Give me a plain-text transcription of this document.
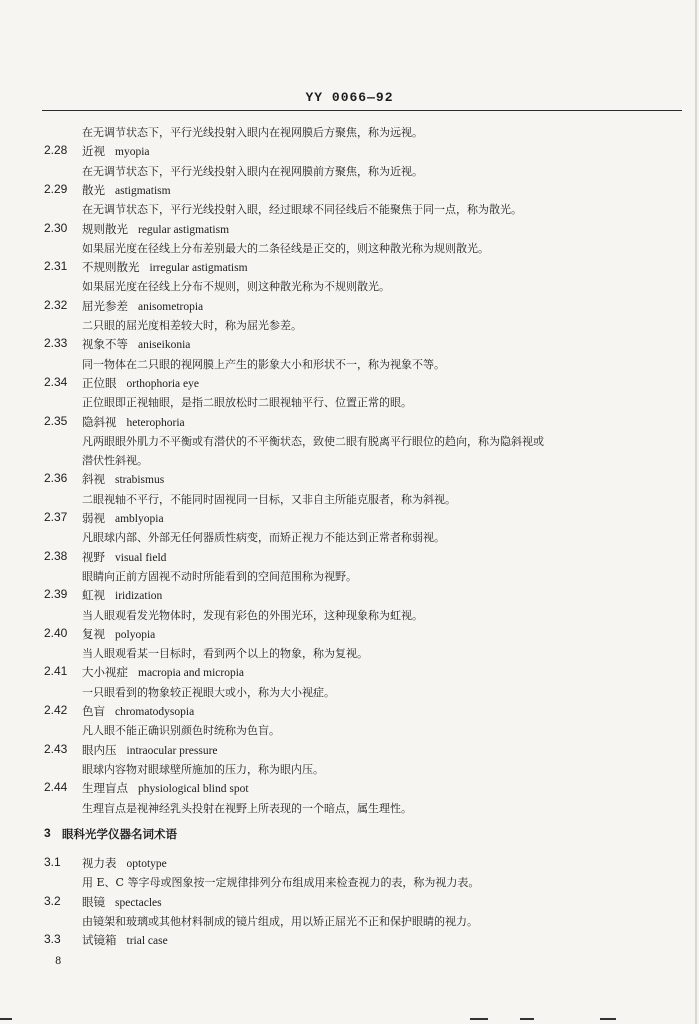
YY 0066—92
8
在无调节状态下，平行光线投射入眼内在视网膜后方聚焦，称为远视。
2.28 近视 myopia
在无调节状态下，平行光线投射入眼内在视网膜前方聚焦，称为近视。
2.29 散光 astigmatism
在无调节状态下，平行光线投射入眼，经过眼球不同径线后不能聚焦于同一点，称为散光。
2.30 规则散光 regular astigmatism
如果屈光度在径线上分布差别最大的二条径线是正交的，则这种散光称为规则散光。
2.31 不规则散光 irregular astigmatism
如果屈光度在径线上分布不规则，则这种散光称为不规则散光。
2.32 屈光参差 anisometropia
二只眼的屈光度相差较大时，称为屈光参差。
2.33 视象不等 aniseikonia
同一物体在二只眼的视网膜上产生的影象大小和形状不一，称为视象不等。
2.34 正位眼 orthophoria eye
正位眼即正视轴眼，是指二眼放松时二眼视轴平行、位置正常的眼。
2.35 隐斜视 heterophoria
凡两眼眼外肌力不平衡或有潜伏的不平衡状态，致使二眼有脱离平行眼位的趋向，称为隐斜视或
潜伏性斜视。
2.36 斜视 strabismus
二眼视轴不平行，不能同时固视同一目标，又非自主所能克服者，称为斜视。
2.37 弱视 amblyopia
凡眼球内部、外部无任何器质性病变，而矫正视力不能达到正常者称弱视。
2.38 视野 visual field
眼睛向正前方固视不动时所能看到的空间范围称为视野。
2.39 虹视 iridization
当人眼观看发光物体时，发现有彩色的外围光环，这种现象称为虹视。
2.40 复视 polyopia
当人眼观看某一目标时，看到两个以上的物象，称为复视。
2.41 大小视症 macropia and micropia
一只眼看到的物象较正视眼大或小，称为大小视症。
2.42 色盲 chromatodysopia
凡人眼不能正确识别颜色时统称为色盲。
2.43 眼内压 intraocular pressure
眼球内容物对眼球壁所施加的压力，称为眼内压。
2.44 生理盲点 physiological blind spot
生理盲点是视神经乳头投射在视野上所表现的一个暗点，属生理性。
3 眼科光学仪器名词术语
3.1 视力表 optotype
用 E、C 等字母或图象按一定规律排列分布组成用来检查视力的表，称为视力表。
3.2 眼镜 spectacles
由镜架和玻璃或其他材料制成的镜片组成，用以矫正屈光不正和保护眼睛的视力。
3.3 试镜箱 trial case
